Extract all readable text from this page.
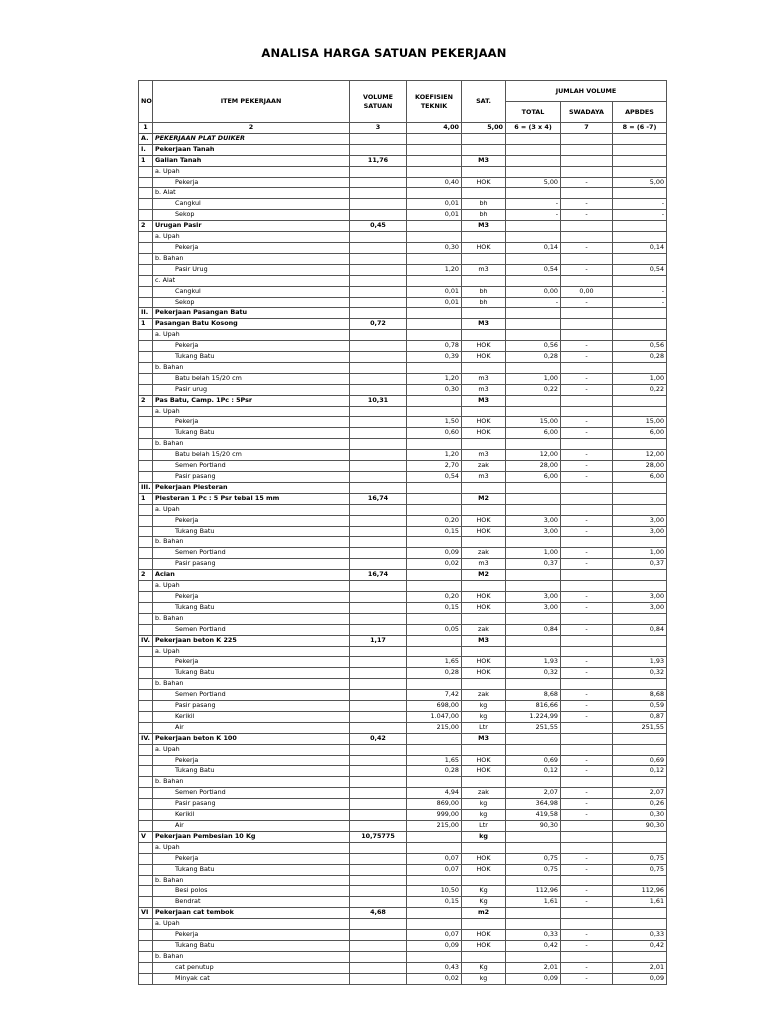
ANALISA HARGA SATUAN PEKERJAAN
NO	ITEM PEKERJAAN	VOLUME SATUAN	KOEFISIEN TEKNIK	SAT.	JUMLAH VOLUME		
					TOTAL	SWADAYA	APBDES
1	2	3	4,00	5,00	6 = (3 x 4)	7	8 = (6 -7)
A.	PEKERJAAN PLAT DUIKER						
I.	Pekerjaan Tanah						
1	Galian Tanah	11,76		M3			
	a. Upah						
	Pekerja		0,40	HOK	5,00	-	5,00
	b. Alat						
	Cangkul		0,01	bh	-	-	-
	Sekop		0,01	bh	-	-	-
2	Urugan Pasir	0,45		M3			
	a. Upah						
	Pekerja		0,30	HOK	0,14	-	0,14
	b. Bahan						
	Pasir Urug		1,20	m3	0,54	-	0,54
	c. Alat						
	Cangkul		0,01	bh	0,00	0,00	-
	Sekop		0,01	bh	-	-	-
II.	Pekerjaan Pasangan Batu						
1	Pasangan Batu Kosong	0,72		M3			
	a. Upah						
	Pekerja		0,78	HOK	0,56	-	0,56
	Tukang Batu		0,39	HOK	0,28	-	0,28
	b. Bahan						
	Batu belah 15/20 cm		1,20	m3	1,00	-	1,00
	Pasir urug		0,30	m3	0,22	-	0,22
2	Pas Batu, Camp. 1Pc : 5Psr	10,31		M3			
	a. Upah						
	Pekerja		1,50	HOK	15,00	-	15,00
	Tukang Batu		0,60	HOK	6,00	-	6,00
	b. Bahan						
	Batu belah 15/20 cm		1,20	m3	12,00	-	12,00
	Semen Portland		2,70	zak	28,00	-	28,00
	Pasir pasang		0,54	m3	6,00	-	6,00
III.	Pekerjaan Plesteran						
1	Plesteran 1 Pc : 5 Psr tebal 15 mm	16,74		M2			
	a. Upah						
	Pekerja		0,20	HOK	3,00	-	3,00
	Tukang Batu		0,15	HOK	3,00	-	3,00
	b. Bahan						
	Semen Portland		0,09	zak	1,00	-	1,00
	Pasir pasang		0,02	m3	0,37	-	0,37
2	Acian	16,74		M2			
	a. Upah						
	Pekerja		0,20	HOK	3,00	-	3,00
	Tukang Batu		0,15	HOK	3,00	-	3,00
	b. Bahan						
	Semen Portland		0,05	zak	0,84	-	0,84
IV.	Pekerjaan beton K 225	1,17		M3			
	a. Upah						
	Pekerja		1,65	HOK	1,93	-	1,93
	Tukang Batu		0,28	HOK	0,32	-	0,32
	b. Bahan						
	Semen Portland		7,42	zak	8,68	-	8,68
	Pasir pasang		698,00	kg	816,66	-	0,59
	Kerikil		1.047,00	kg	1.224,99	-	0,87
	Air		215,00	Ltr	251,55		251,55
IV.	Pekerjaan beton K 100	0,42		M3			
	a. Upah						
	Pekerja		1,65	HOK	0,69	-	0,69
	Tukang Batu		0,28	HOK	0,12	-	0,12
	b. Bahan						
	Semen Portland		4,94	zak	2,07	-	2,07
	Pasir pasang		869,00	kg	364,98	-	0,26
	Kerikil		999,00	kg	419,58	-	0,30
	Air		215,00	Ltr	90,30		90,30
V	Pekerjaan Pembesian 10 Kg	10,75775		kg			
	a. Upah						
	Pekerja		0,07	HOK	0,75	-	0,75
	Tukang Batu		0,07	HOK	0,75	-	0,75
	b. Bahan						
	Besi polos		10,50	Kg	112,96	-	112,96
	Bendrat		0,15	Kg	1,61	-	1,61
VI	Pekerjaan cat tembok	4,68		m2			
	a. Upah						
	Pekerja		0,07	HOK	0,33	-	0,33
	Tukang Batu		0,09	HOK	0,42	-	0,42
	b. Bahan						
	cat penutup		0,43	Kg	2,01	-	2,01
	Minyak cat		0,02	kg	0,09	-	0,09
